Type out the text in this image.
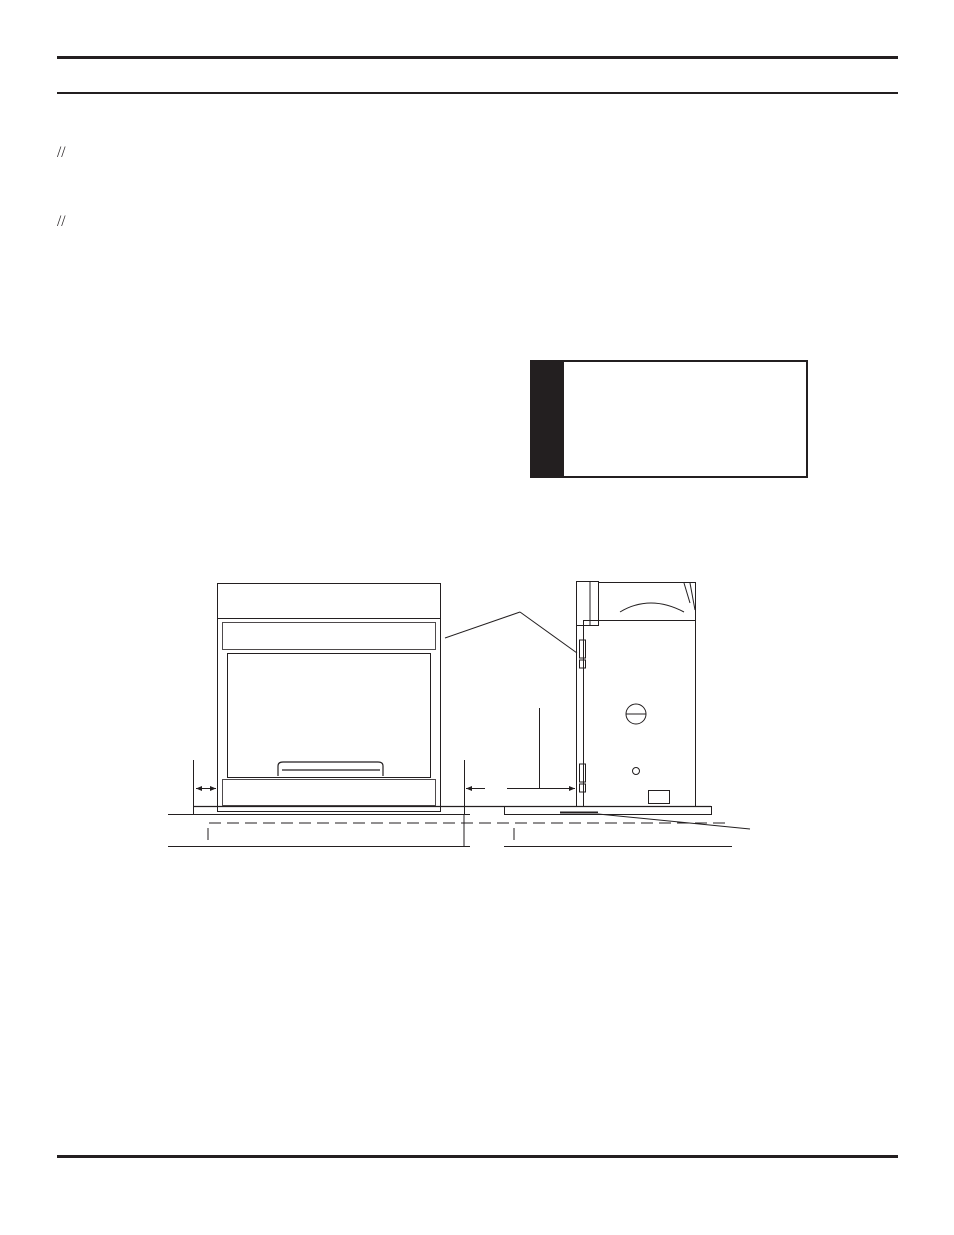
//

//
